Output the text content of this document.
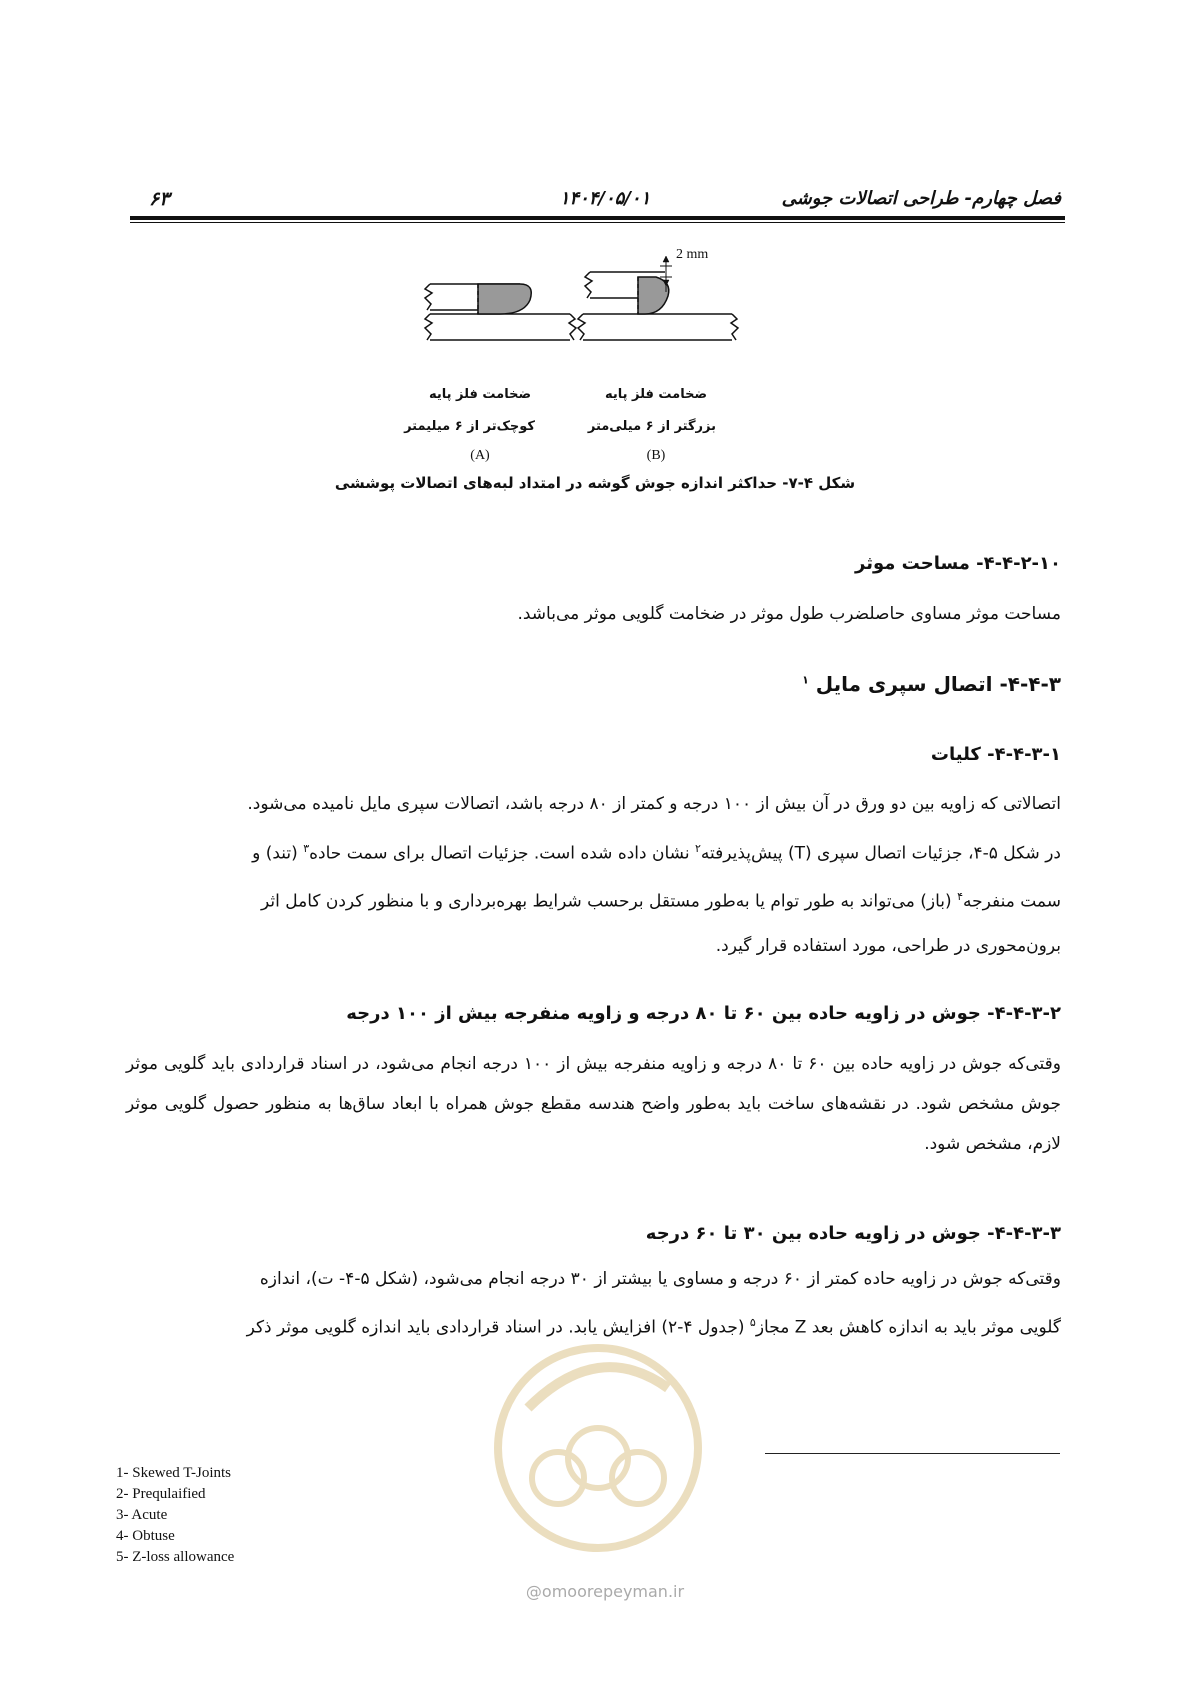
۶۳	۱۴۰۴/۰۵/۰۱	فصل چهارم- طراحی اتصالات جوشی
2 mm
ضخامت فلز پایه
کوچک‌تر از ۶ میلیمتر
(A)
ضخامت فلز پایه
بزرگتر از ۶ میلی‌متر
(B)
شکل ۴-۷- حداکثر اندازه جوش گوشه در امتداد لبه‌های اتصالات پوششی
۴-۴-۲-۱۰- مساحت موثر
مساحت موثر مساوی حاصلضرب طول موثر در ضخامت گلویی موثر می‌باشد.
۴-۴-۳- اتصال سپری مایل $^۱$
۴-۴-۳-۱- کلیات
اتصالاتی که زاویه بین دو ورق در آن بیش از ۱۰۰ درجه و کمتر از ۸۰ درجه باشد، اتصالات سپری مایل نامیده می‌شود.
در شکل ۵-۴، جزئیات اتصال سپری (T) پیش‌پذیرفته$^۲$ نشان داده شده است. جزئیات اتصال برای سمت حاده$^۳$ (تند) و
سمت منفرجه$^۴$ (باز) می‌تواند به طور توام یا به‌طور مستقل برحسب شرایط بهره‌برداری و با منظور کردن کامل اثر
برون‌محوری در طراحی، مورد استفاده قرار گیرد.
۴-۴-۳-۲- جوش در زاویه حاده بین ۶۰ تا ۸۰ درجه و زاویه منفرجه بیش از ۱۰۰ درجه
وقتی‌که جوش در زاویه حاده بین ۶۰ تا ۸۰ درجه و زاویه منفرجه بیش از ۱۰۰ درجه انجام می‌شود، در اسناد قراردادی باید گلویی موثر جوش مشخص شود. در نقشه‌های ساخت باید به‌طور واضح هندسه مقطع جوش همراه با ابعاد ساق‌ها به منظور حصول گلویی موثر لازم، مشخص شود.
۴-۴-۳-۳- جوش در زاویه حاده بین ۳۰ تا ۶۰ درجه
وقتی‌که جوش در زاویه حاده کمتر از ۶۰ درجه و مساوی یا بیشتر از ۳۰ درجه انجام می‌شود، (شکل ۵-۴- ت)، اندازه
گلویی موثر باید به اندازه کاهش بعد Z مجاز$^۵$ (جدول ۴-۲) افزایش یابد. در اسناد قراردادی باید اندازه گلویی موثر ذکر
@omoorepeyman.ir
1- Skewed T-Joints
2- Prequlaified
3- Acute
4- Obtuse
5- Z-loss allowance
